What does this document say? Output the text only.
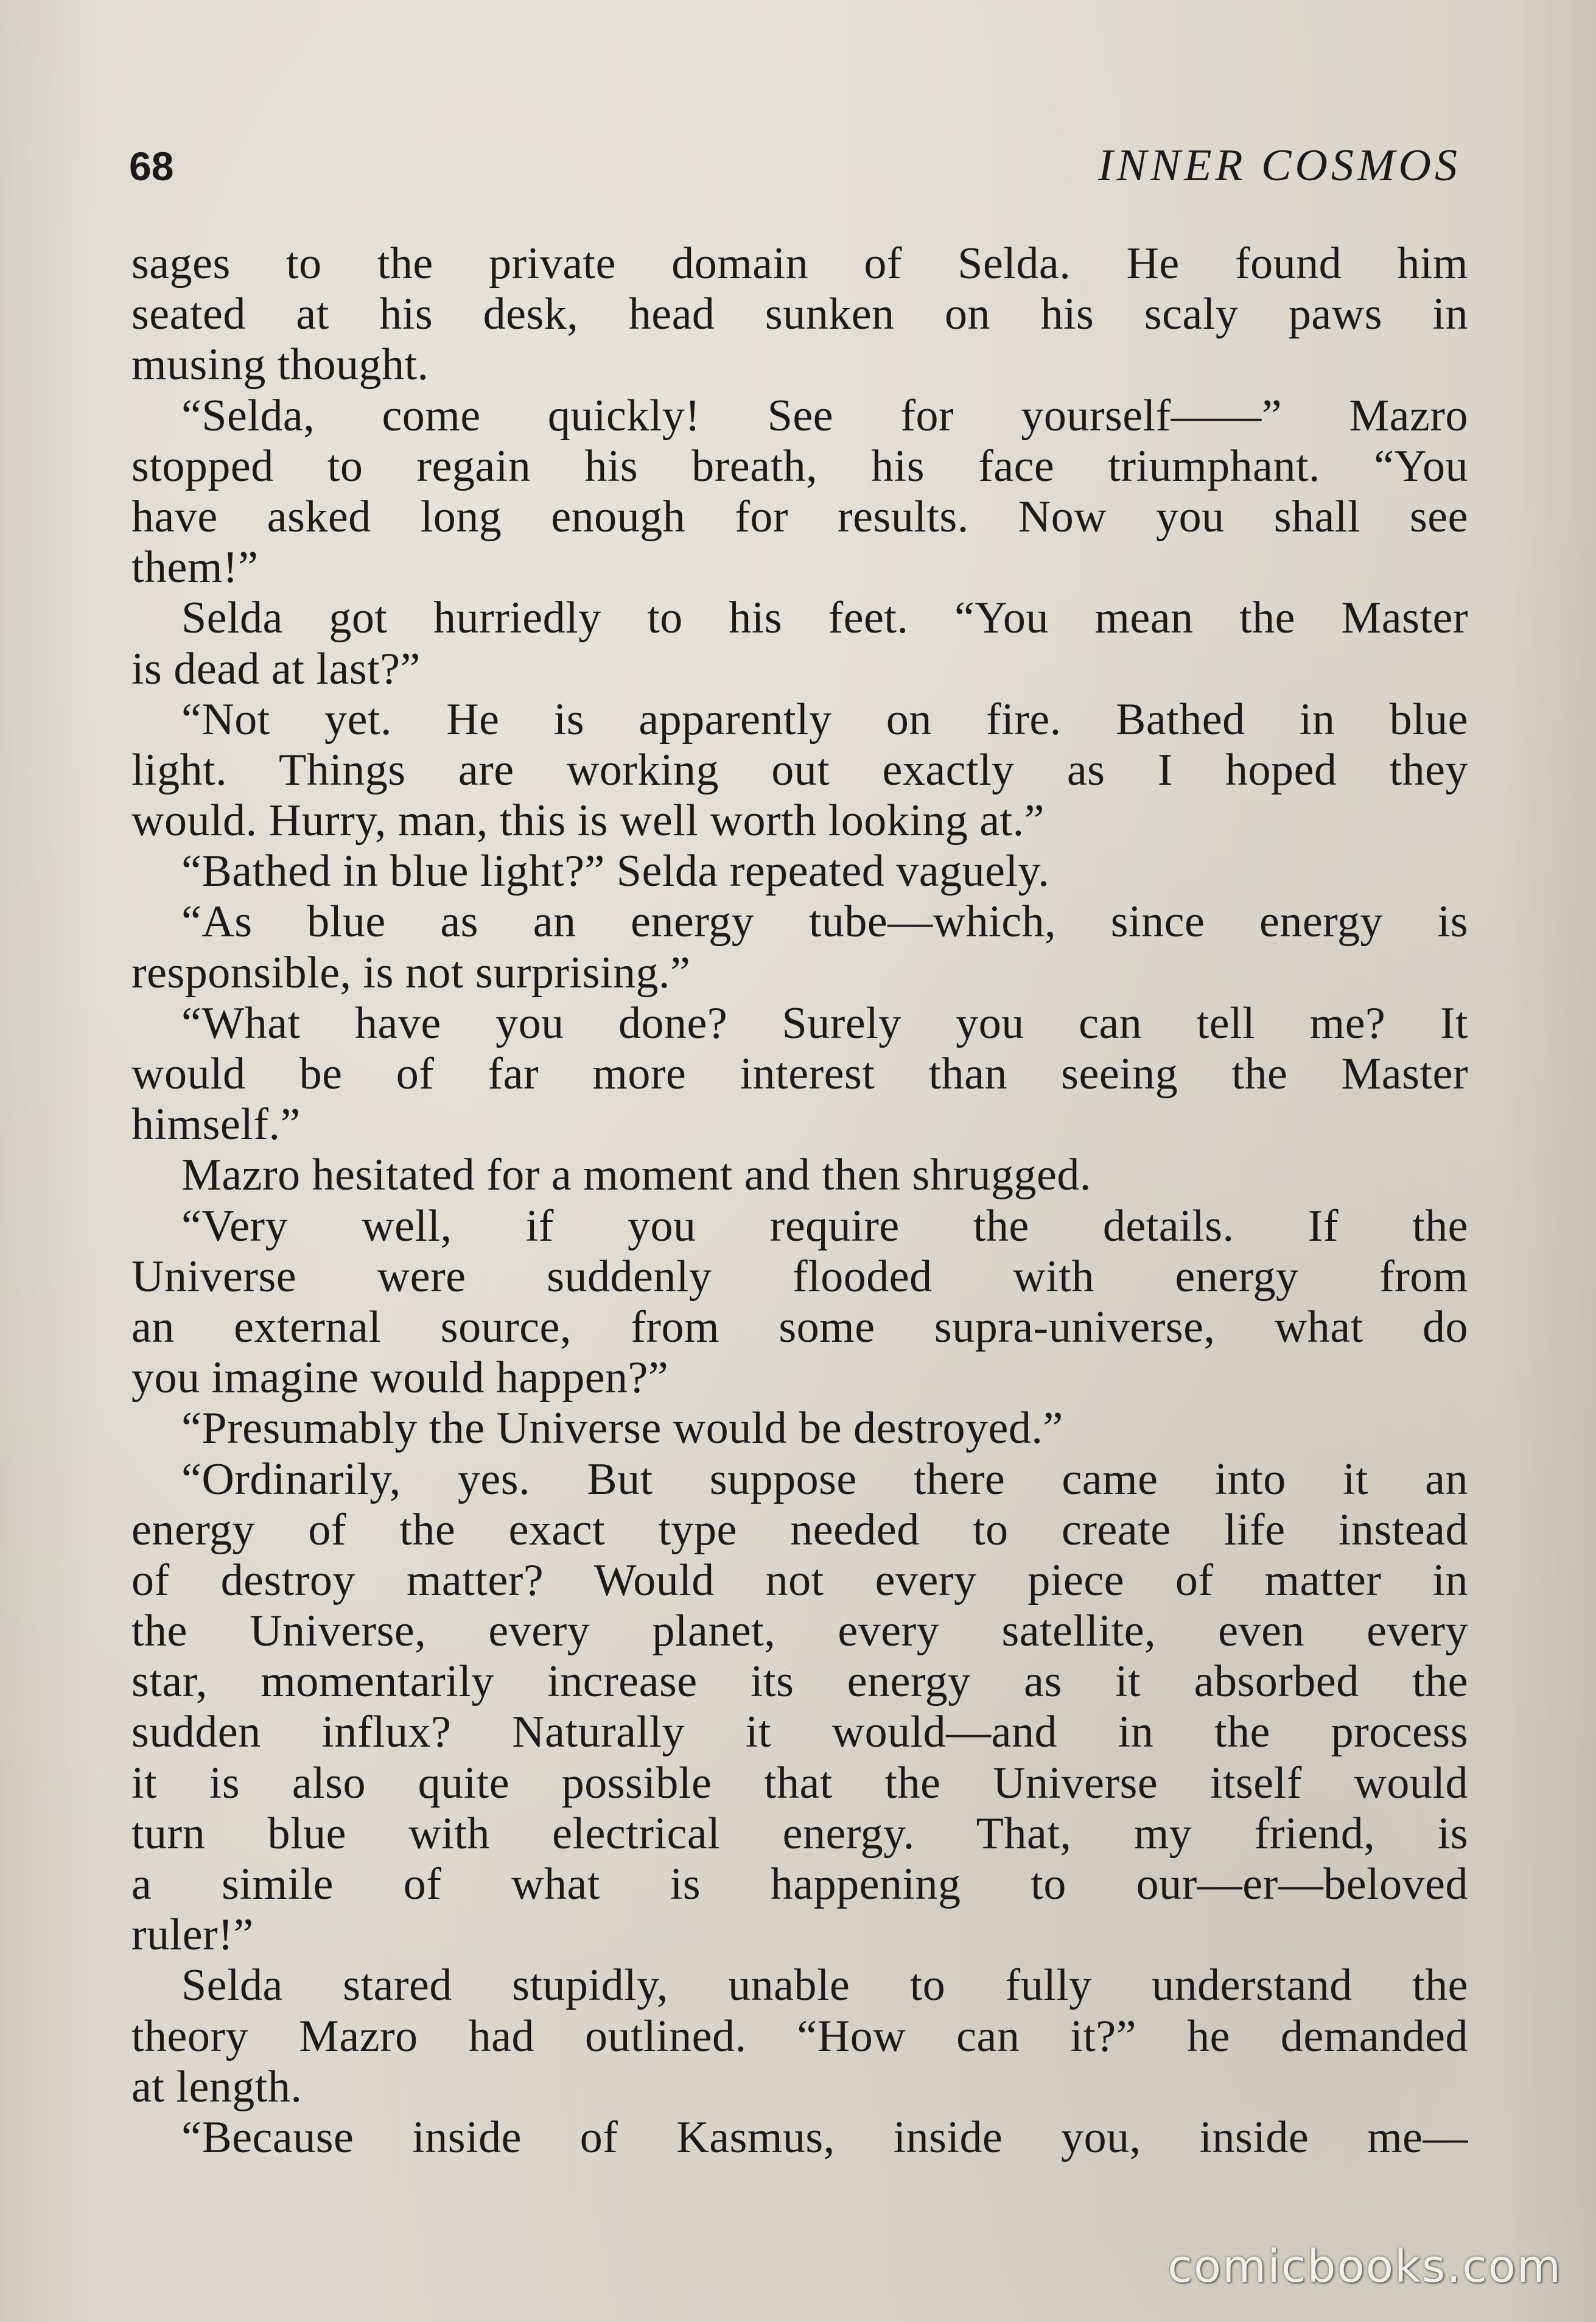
68	INNER COSMOS
sages to the private domain of Selda. He found him
seated at his desk, head sunken on his scaly paws in
musing thought.
“Selda, come quickly! See for yourself——” Mazro
stopped to regain his breath, his face triumphant. “You
have asked long enough for results. Now you shall see
them!”
Selda got hurriedly to his feet. “You mean the Master
is dead at last?”
“Not yet. He is apparently on fire. Bathed in blue
light. Things are working out exactly as I hoped they
would. Hurry, man, this is well worth looking at.”
“Bathed in blue light?” Selda repeated vaguely.
“As blue as an energy tube—which, since energy is
responsible, is not surprising.”
“What have you done? Surely you can tell me? It
would be of far more interest than seeing the Master
himself.”
Mazro hesitated for a moment and then shrugged.
“Very well, if you require the details. If the
Universe were suddenly flooded with energy from
an external source, from some supra-universe, what do
you imagine would happen?”
“Presumably the Universe would be destroyed.”
“Ordinarily, yes. But suppose there came into it an
energy of the exact type needed to create life instead
of destroy matter? Would not every piece of matter in
the Universe, every planet, every satellite, even every
star, momentarily increase its energy as it absorbed the
sudden influx? Naturally it would—and in the process
it is also quite possible that the Universe itself would
turn blue with electrical energy. That, my friend, is
a simile of what is happening to our—er—beloved
ruler!”
Selda stared stupidly, unable to fully understand the
theory Mazro had outlined. “How can it?” he demanded
at length.
“Because inside of Kasmus, inside you, inside me—
comicbooks.com
